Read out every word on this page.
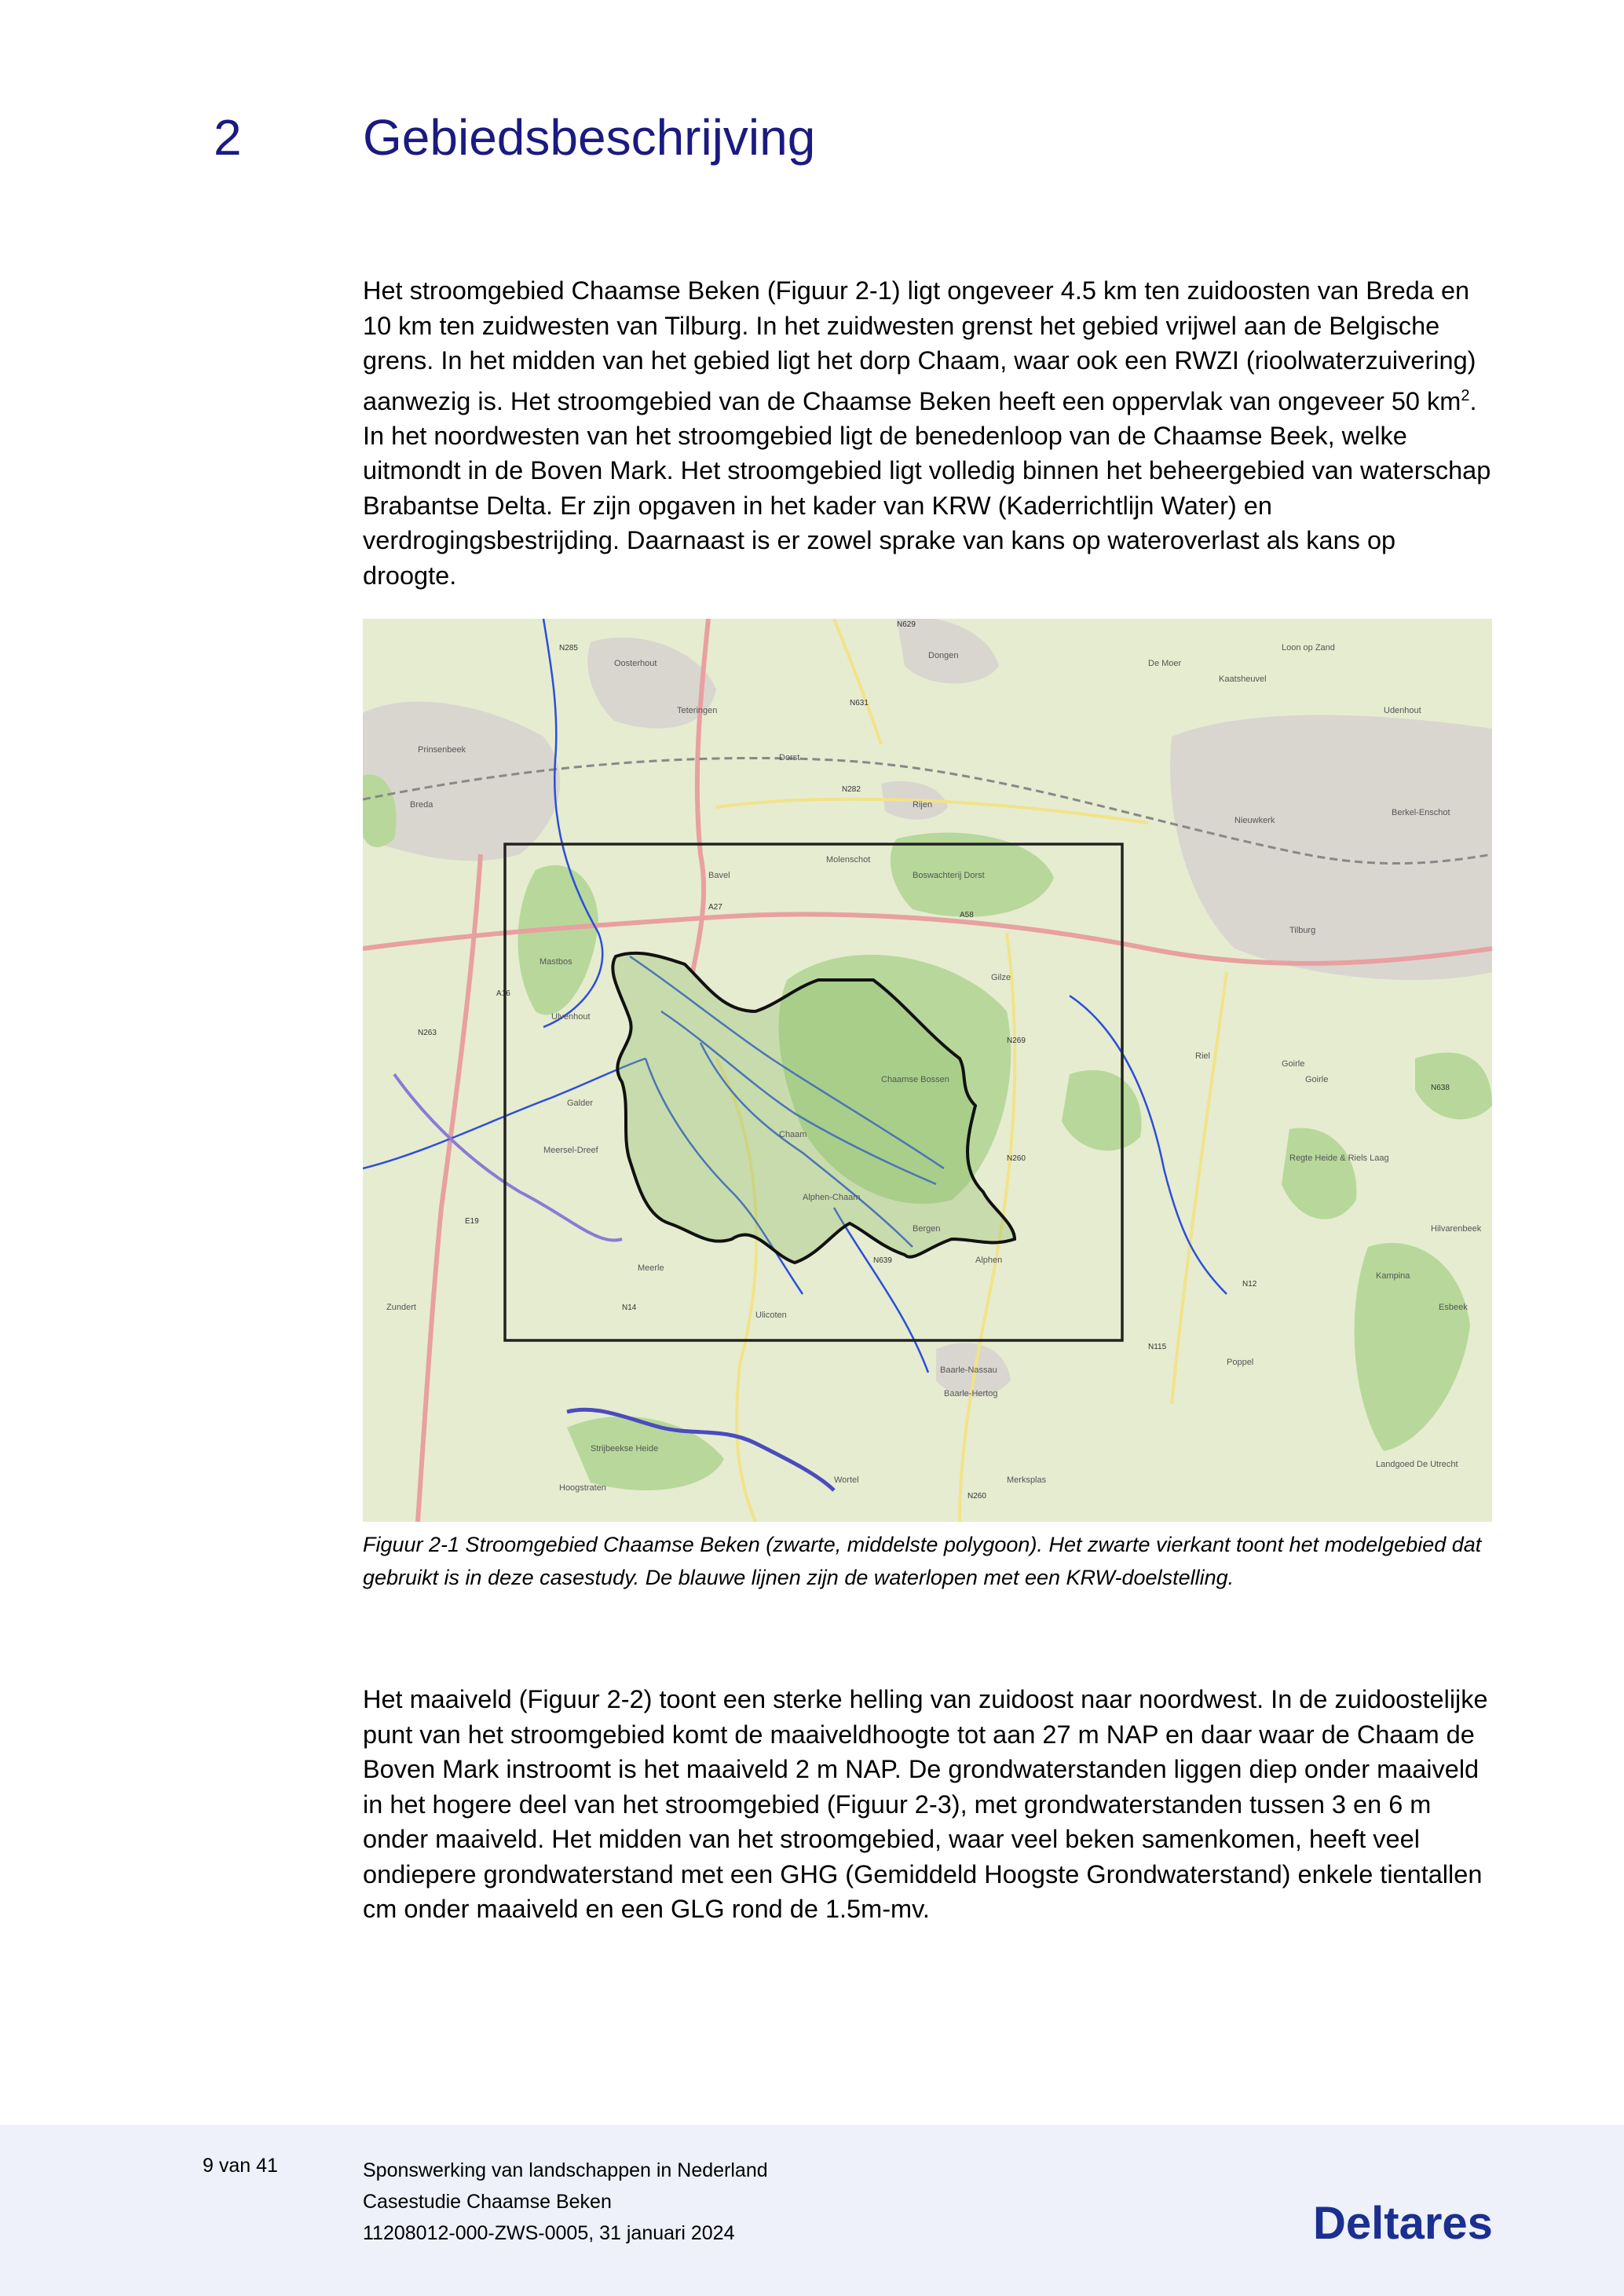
2 Gebiedsbeschrijving

Het stroomgebied Chaamse Beken (Figuur 2-1) ligt ongeveer 4.5 km ten zuidoosten van Breda en 10 km ten zuidwesten van Tilburg. In het zuidwesten grenst het gebied vrijwel aan de Belgische grens. In het midden van het gebied ligt het dorp Chaam, waar ook een RWZI (rioolwaterzuivering) aanwezig is. Het stroomgebied van de Chaamse Beken heeft een oppervlak van ongeveer 50 $km^2$. In het noordwesten van het stroomgebied ligt de benedenloop van de Chaamse Beek, welke uitmondt in de Boven Mark. Het stroomgebied ligt volledig binnen het beheergebied van waterschap Brabantse Delta. Er zijn opgaven in het kader van KRW (Kaderrichtlijn Water) en verdrogingsbestrijding. Daarnaast is er zowel sprake van kans op wateroverlast als kans op droogte.

Breda
Dongen
Rijen
Tilburg
Chaam
Gilze
Ulicoten
Meerle
Galder
Goirle
Baarle-Nassau
Alphen
Teteringen
Oosterhout
Bavel
Molenschot
Hilvarenbeek
Mastbos
Prinsenbeek
Dorst
Ulvenhout
Zundert
Nieuwkerk
Esbeek
Poppel
Loon op Zand
Kaatsheuvel
Berkel-Enschot
Riel
Meersel-Dreef
Hoogstraten
Wortel	Merksplas
De Moer
Udenhout
Bergen
Baarle-Hertog
Alphen-Chaam
Goirle
A58
A27
N282
N260
N639
N12
N631
N629
A16
N285
N263
N269
N638
E19
N14
N260
N115
Chaamse Bossen
Regte Heide & Riels Laag
Boswachterij Dorst
Landgoed De Utrecht
Kampina
Strijbeekse Heide

Figuur 2-1 Stroomgebied Chaamse Beken (zwarte, middelste polygoon). Het zwarte vierkant toont het modelgebied dat gebruikt is in deze casestudy. De blauwe lijnen zijn de waterlopen met een KRW-doelstelling.

Het maaiveld (Figuur 2-2) toont een sterke helling van zuidoost naar noordwest. In de zuidoostelijke punt van het stroomgebied komt de maaiveldhoogte tot aan 27 m NAP en daar waar de Chaam de Boven Mark instroomt is het maaiveld 2 m NAP. De grondwaterstanden liggen diep onder maaiveld in het hogere deel van het stroomgebied (Figuur 2-3), met grondwaterstanden tussen 3 en 6 m onder maaiveld. Het midden van het stroomgebied, waar veel beken samenkomen, heeft veel ondiepere grondwaterstand met een GHG (Gemiddeld Hoogste Grondwaterstand) enkele tientallen cm onder maaiveld en een GLG rond de 1.5m-mv.

9 van 41	Sponswerking van landschappen in Nederland
Casestudie Chaamse Beken
11208012-000-ZWS-0005, 31 januari 2024	Deltares
